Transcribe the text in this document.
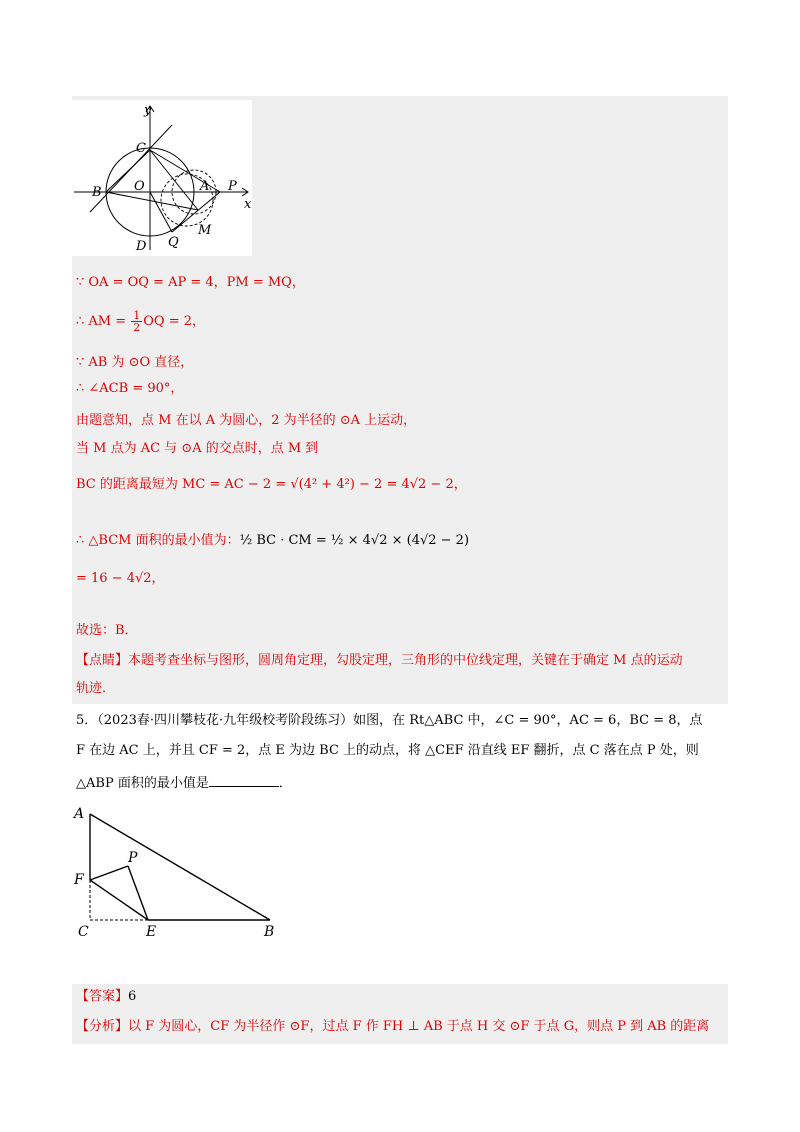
y
x
C
B O	A P
D Q
M
∵ OA = OQ = AP = 4，PM = MQ，
∴ AM = $\frac{1}{2}$ OQ = 2，
∵ AB 为 ⊙O 直径，
∴ ∠ACB = 90°，
由题意知，点 M 在以 A 为圆心，2 为半径的 ⊙A 上运动，
当 M 点为 AC 与 ⊙A 的交点时，点 M 到
BC 的距离最短为 MC = AC − 2 = √(4² + 4²) − 2 = 4√2 − 2，
∴ △BCM 面积的最小值为：½ BC · CM = ½ × 4√2 × (4√2 − 2)
= 16 − 4√2，
故选：B．
【点睛】本题考查坐标与图形，圆周角定理，勾股定理，三角形的中位线定理，关键在于确定 M 点的运动
轨迹．
5．（2023春·四川攀枝花·九年级校考阶段练习）如图，在 Rt△ABC 中，∠C = 90°，AC = 6，BC = 8，点
F 在边 AC 上，并且 CF = 2，点 E 为边 BC 上的动点，将 △CEF 沿直线 EF 翻折，点 C 落在点 P 处，则
△ABP 面积的最小值是	．
A
P
F
C	E	B
【答案】6
【分析】以 F 为圆心，CF 为半径作 ⊙F，过点 F 作 FH ⊥ AB 于点 H 交 ⊙F 于点 G，则点 P 到 AB 的距离
